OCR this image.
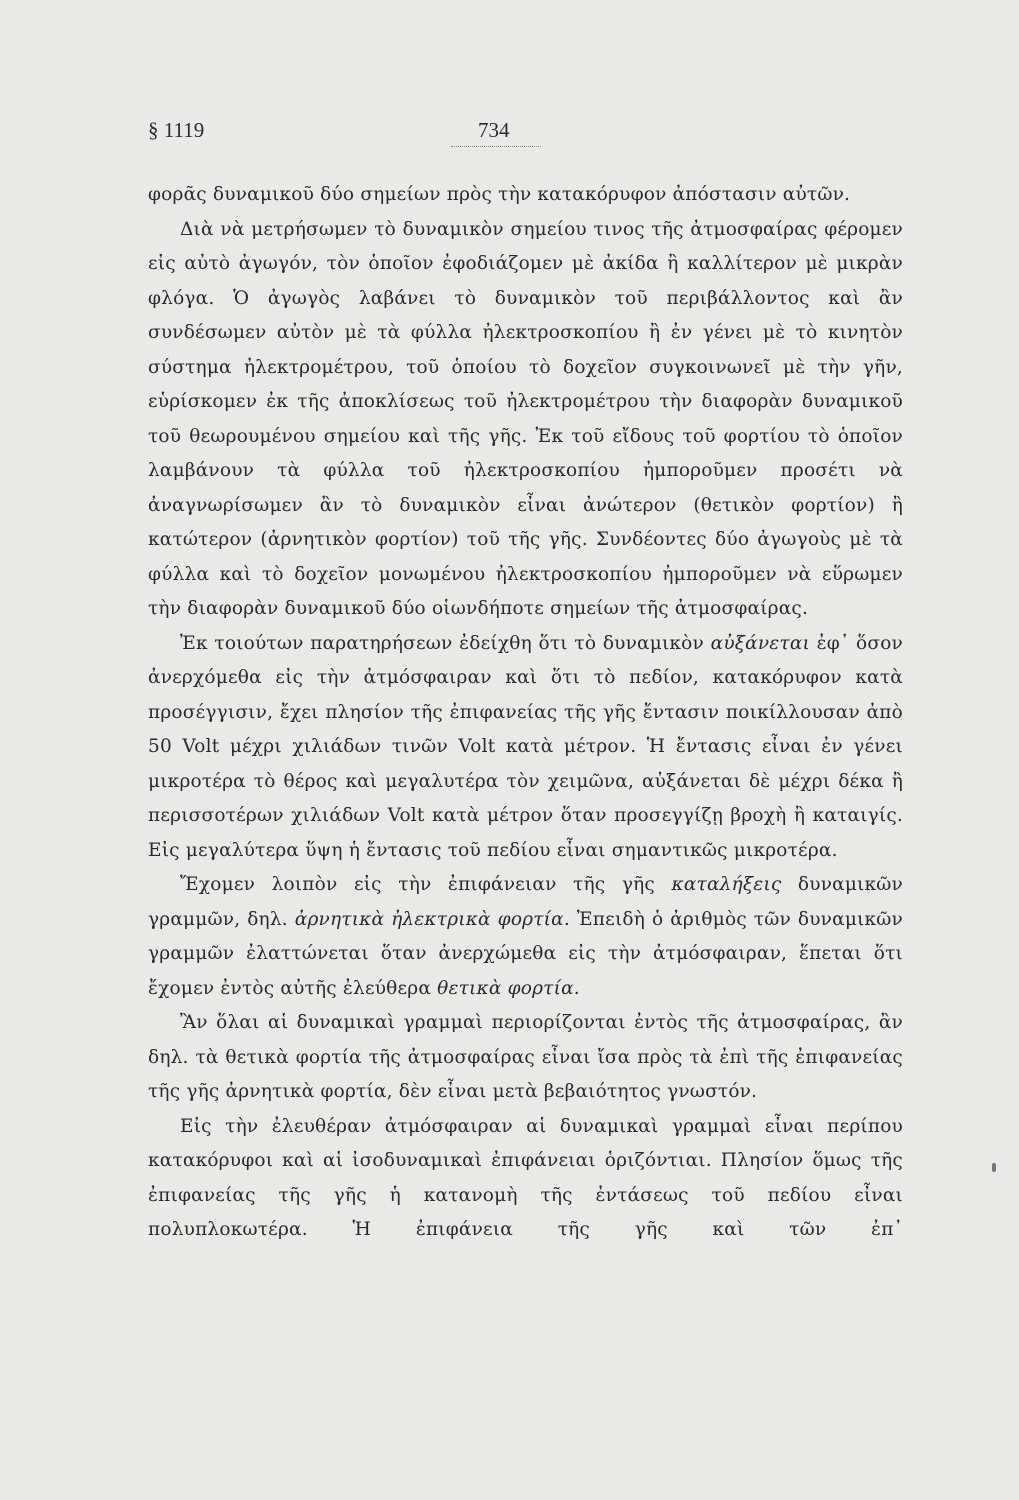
§ 1119	734

φορᾶς δυναμικοῦ δύο σημείων πρὸς τὴν κατακόρυφον ἀπόστασιν αὐτῶν.

Διὰ νὰ μετρήσωμεν τὸ δυναμικὸν σημείου τινος τῆς ἀτμοσφαίρας φέρομεν εἰς αὐτὸ ἀγωγόν, τὸν ὁποῖον ἐφοδιάζομεν μὲ ἀκίδα ἢ καλλίτερον μὲ μικρὰν φλόγα. Ὁ ἀγωγὸς λαβάνει τὸ δυναμικὸν τοῦ περιβάλλοντος καὶ ἂν συνδέσωμεν αὐτὸν μὲ τὰ φύλλα ἠλεκτροσκοπίου ἢ ἐν γένει μὲ τὸ κινητὸν σύστημα ἠλεκτρομέτρου, τοῦ ὁποίου τὸ δοχεῖον συγκοινωνεῖ μὲ τὴν γῆν, εὑρίσκομεν ἐκ τῆς ἀποκλίσεως τοῦ ἠλεκτρομέτρου τὴν διαφορὰν δυναμικοῦ τοῦ θεωρουμένου σημείου καὶ τῆς γῆς. Ἐκ τοῦ εἴδους τοῦ φορτίου τὸ ὁποῖον λαμβάνουν τὰ φύλλα τοῦ ἠλεκτροσκοπίου ἠμποροῦμεν προσέτι νὰ ἀναγνωρίσωμεν ἂν τὸ δυναμικὸν εἶναι ἀνώτερον (θετικὸν φορτίον) ἢ κατώτερον (ἀρνητικὸν φορτίον) τοῦ τῆς γῆς. Συνδέοντες δύο ἀγωγοὺς μὲ τὰ φύλλα καὶ τὸ δοχεῖον μονωμένου ἠλεκτροσκοπίου ἠμποροῦμεν νὰ εὕρωμεν τὴν διαφορὰν δυναμικοῦ δύο οἱωνδήποτε σημείων τῆς ἀτμοσφαίρας.

Ἐκ τοιούτων παρατηρήσεων ἐδείχθη ὅτι τὸ δυναμικὸν αὐξάνεται ἐφ᾽ ὅσον ἀνερχόμεθα εἰς τὴν ἀτμόσφαιραν καὶ ὅτι τὸ πεδίον, κατακόρυφον κατὰ προσέγγισιν, ἔχει πλησίον τῆς ἐπιφανείας τῆς γῆς ἔντασιν ποικίλλουσαν ἀπὸ 50 Volt μέχρι χιλιάδων τινῶν Volt κατὰ μέτρον. Ἡ ἔντασις εἶναι ἐν γένει μικροτέρα τὸ θέρος καὶ μεγαλυτέρα τὸν χειμῶνα, αὐξάνεται δὲ μέχρι δέκα ἢ περισσοτέρων χιλιάδων Volt κατὰ μέτρον ὅταν προσεγγίζῃ βροχὴ ἢ καταιγίς. Εἰς μεγαλύτερα ὕψη ἡ ἔντασις τοῦ πεδίου εἶναι σημαντικῶς μικροτέρα.

Ἔχομεν λοιπὸν εἰς τὴν ἐπιφάνειαν τῆς γῆς καταλήξεις δυναμικῶν γραμμῶν, δηλ. ἀρνητικὰ ἠλεκτρικὰ φορτία. Ἐπειδὴ ὁ ἀριθμὸς τῶν δυναμικῶν γραμμῶν ἐλαττώνεται ὅταν ἀνερχώμεθα εἰς τὴν ἀτμόσφαιραν, ἕπεται ὅτι ἔχομεν ἐντὸς αὐτῆς ἐλεύθερα θετικὰ φορτία.

Ἂν ὅλαι αἱ δυναμικαὶ γραμμαὶ περιορίζονται ἐντὸς τῆς ἀτμοσφαίρας, ἂν δηλ. τὰ θετικὰ φορτία τῆς ἀτμοσφαίρας εἶναι ἴσα πρὸς τὰ ἐπὶ τῆς ἐπιφανείας τῆς γῆς ἀρνητικὰ φορτία, δὲν εἶναι μετὰ βεβαιότητος γνωστόν.

Εἰς τὴν ἐλευθέραν ἀτμόσφαιραν αἱ δυναμικαὶ γραμμαὶ εἶναι περίπου κατακόρυφοι καὶ αἱ ἰσοδυναμικαὶ ἐπιφάνειαι ὁριζόντιαι. Πλησίον ὅμως τῆς ἐπιφανείας τῆς γῆς ἡ κατανομὴ τῆς ἐντάσεως τοῦ πεδίου εἶναι πολυπλοκωτέρα. Ἡ ἐπιφάνεια τῆς γῆς καὶ τῶν ἐπ᾽
